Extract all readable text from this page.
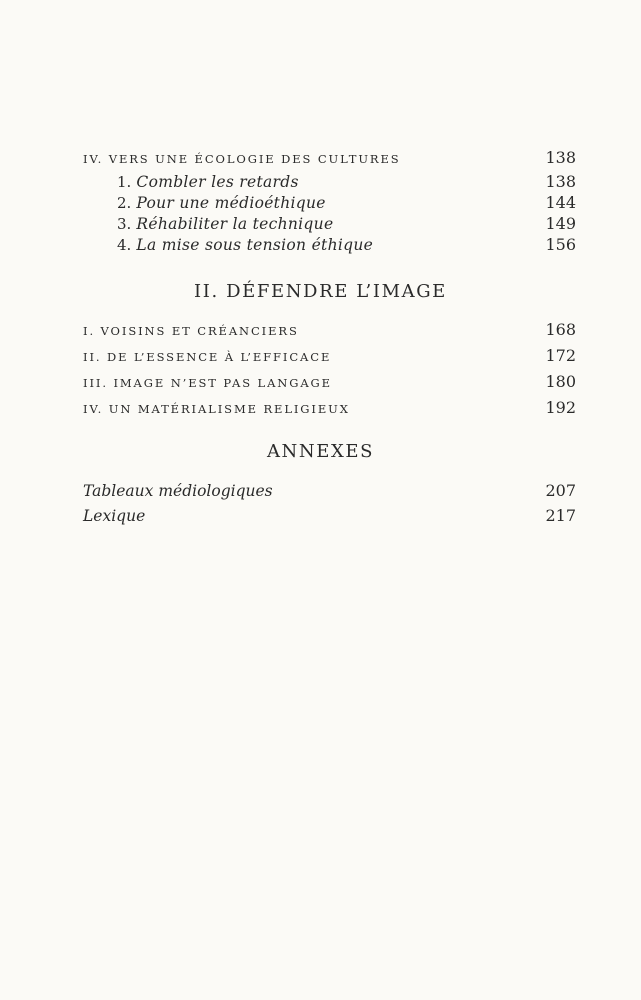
IV. VERS UNE ÉCOLOGIE DES CULTURES	138
1. Combler les retards	138
2. Pour une médioéthique	144
3. Réhabiliter la technique	149
4. La mise sous tension éthique	156
II. DÉFENDRE L’IMAGE
I. VOISINS ET CRÉANCIERS	168
II. DE L’ESSENCE À L’EFFICACE	172
III. IMAGE N’EST PAS LANGAGE	180
IV. UN MATÉRIALISME RELIGIEUX	192
ANNEXES
Tableaux médiologiques	207
Lexique	217
